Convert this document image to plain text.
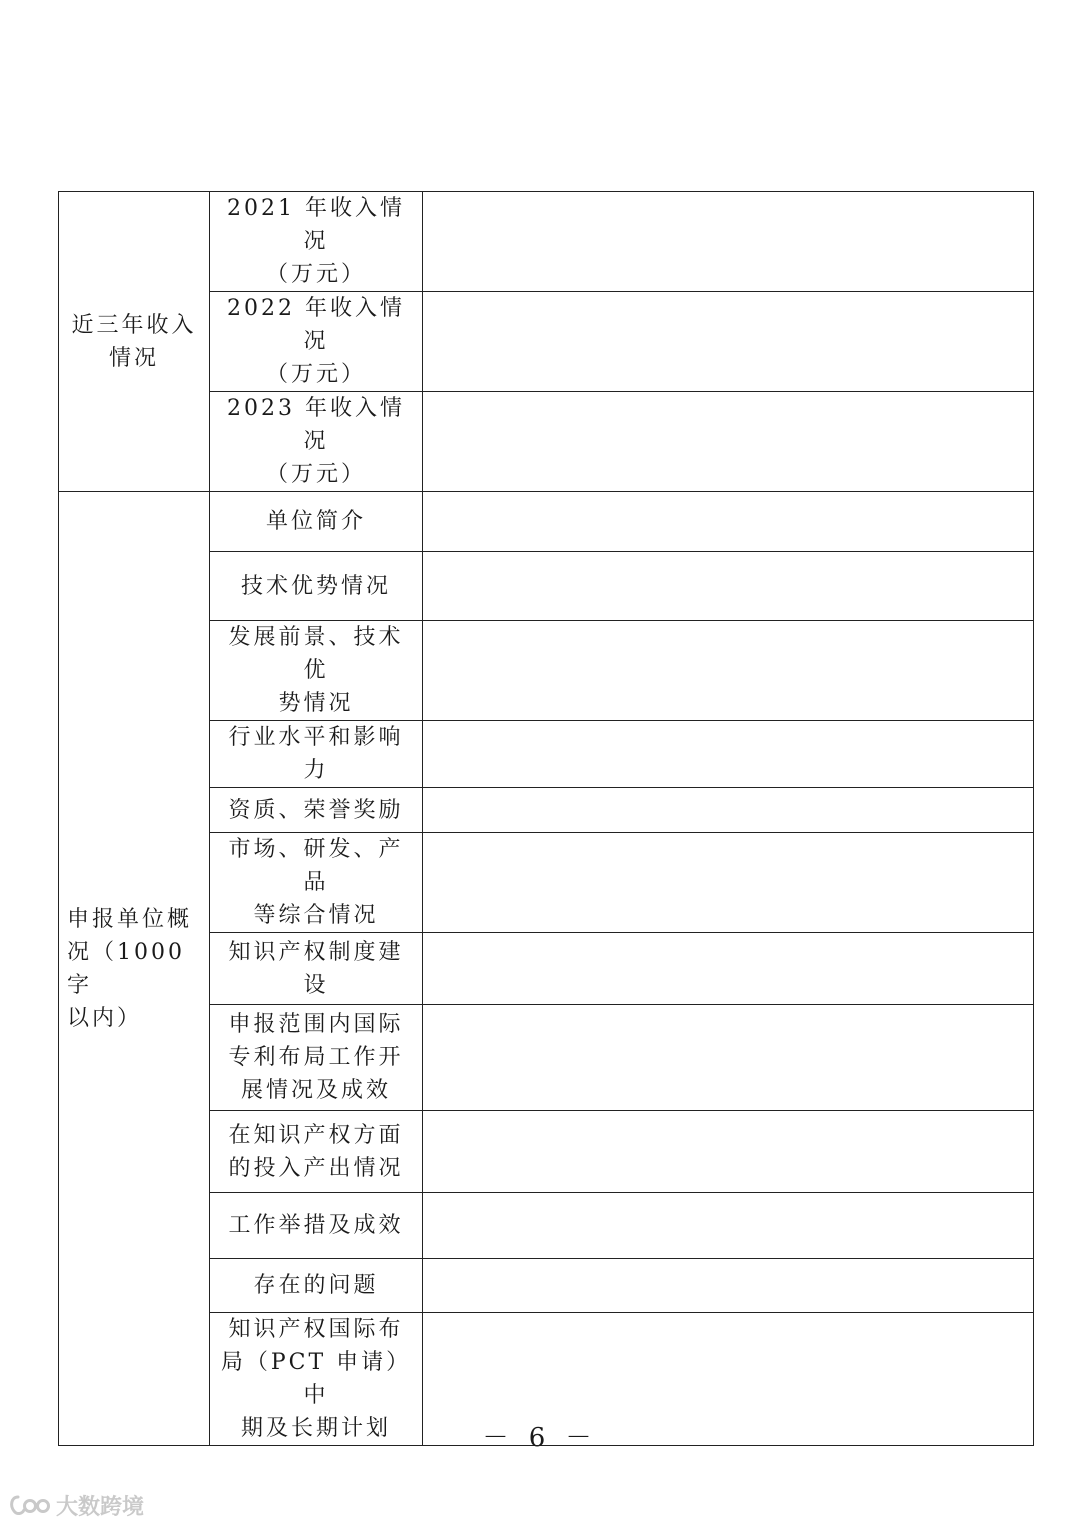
近三年收入
情况	2021 年收入情况
（万元）	

	2022 年收入情况
（万元）	

	2023 年收入情况
（万元）	

申报单位概
况（1000 字
以内）	单位简介	

	技术优势情况	

	发展前景、技术优
势情况	

	行业水平和影响
力	

	资质、荣誉奖励	

	市场、研发、产品
等综合情况	

	知识产权制度建
设	

	申报范围内国际
专利布局工作开
展情况及成效	

	在知识产权方面
的投入产出情况	

	工作举措及成效	

	存在的问题	

	知识产权国际布
局（PCT 申请）中
期及长期计划	
		－ 6 －
大数跨境
